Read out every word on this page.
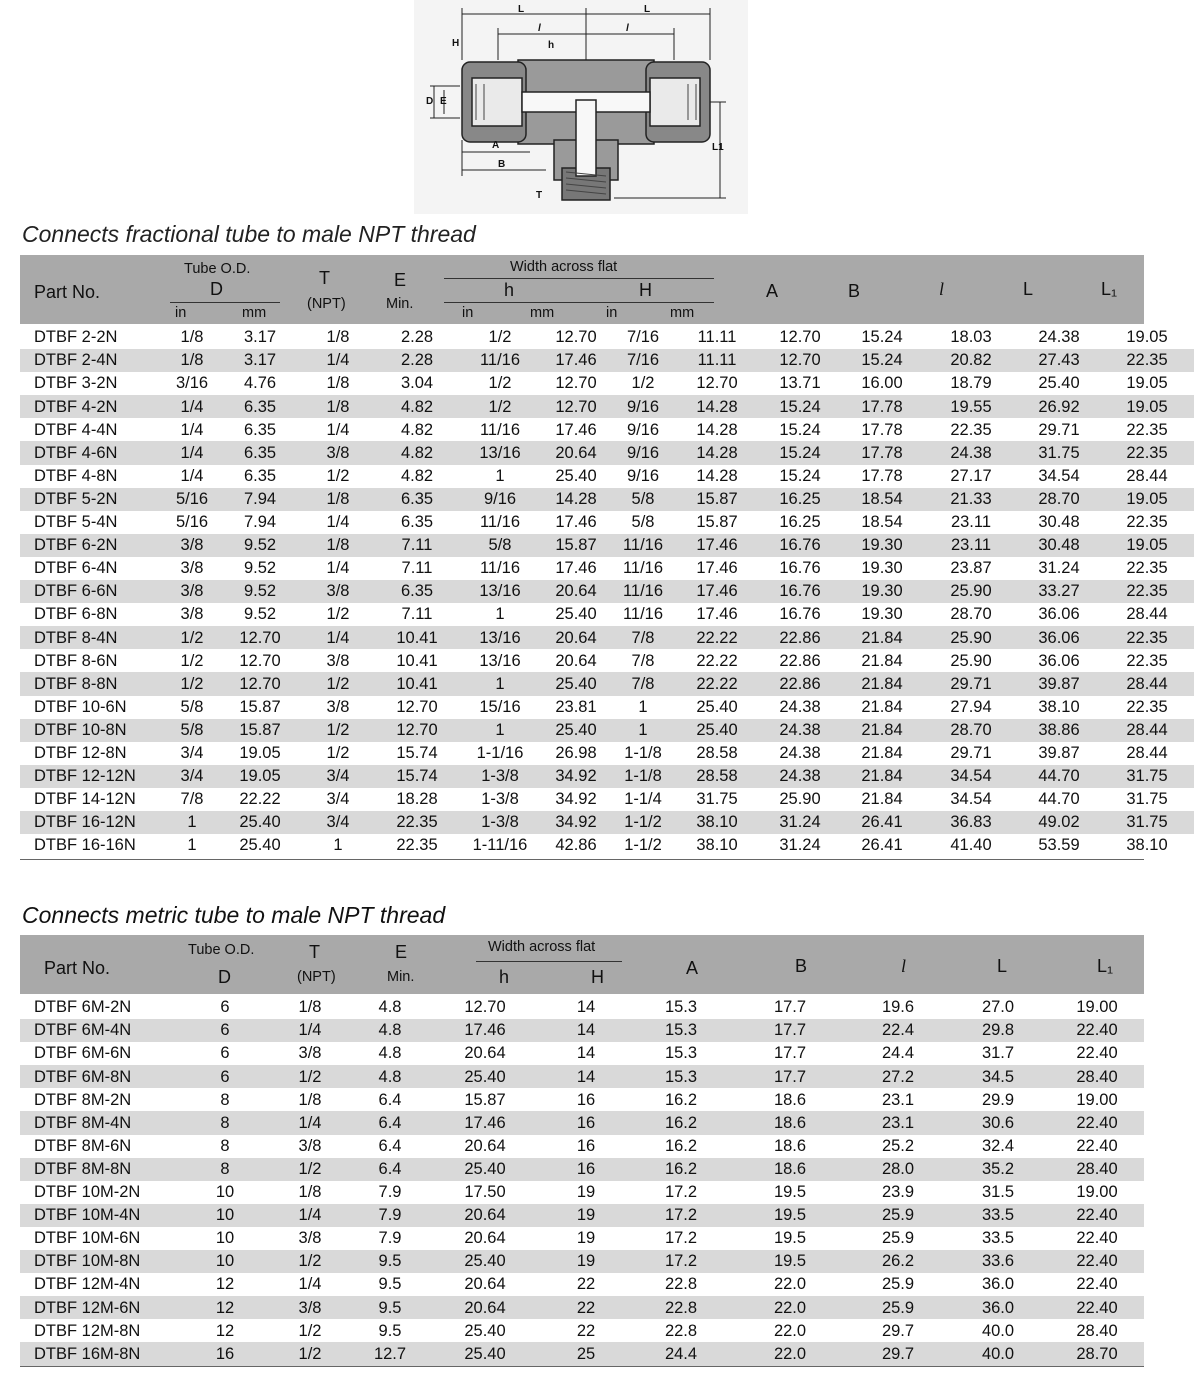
L	L
l	l
h
H
D E
A
B
T
L1
Connects fractional tube to male NPT thread
Part No.
Tube O.D.
D
in	mm
T
(NPT)
E
Min.
Width across flat
h	H
in	mm	in	mm
A	B	l	L	L₁
DTBF 2-2N	1/8	3.17	1/8	2.28	1/2	12.70	7/16	11.11	12.70	15.24	18.03	24.38	19.05
DTBF 2-4N	1/8	3.17	1/4	2.28	11/16	17.46	7/16	11.11	12.70	15.24	20.82	27.43	22.35
DTBF 3-2N	3/16	4.76	1/8	3.04	1/2	12.70	1/2	12.70	13.71	16.00	18.79	25.40	19.05
DTBF 4-2N	1/4	6.35	1/8	4.82	1/2	12.70	9/16	14.28	15.24	17.78	19.55	26.92	19.05
DTBF 4-4N	1/4	6.35	1/4	4.82	11/16	17.46	9/16	14.28	15.24	17.78	22.35	29.71	22.35
DTBF 4-6N	1/4	6.35	3/8	4.82	13/16	20.64	9/16	14.28	15.24	17.78	24.38	31.75	22.35
DTBF 4-8N	1/4	6.35	1/2	4.82	1	25.40	9/16	14.28	15.24	17.78	27.17	34.54	28.44
DTBF 5-2N	5/16	7.94	1/8	6.35	9/16	14.28	5/8	15.87	16.25	18.54	21.33	28.70	19.05
DTBF 5-4N	5/16	7.94	1/4	6.35	11/16	17.46	5/8	15.87	16.25	18.54	23.11	30.48	22.35
DTBF 6-2N	3/8	9.52	1/8	7.11	5/8	15.87	11/16	17.46	16.76	19.30	23.11	30.48	19.05
DTBF 6-4N	3/8	9.52	1/4	7.11	11/16	17.46	11/16	17.46	16.76	19.30	23.87	31.24	22.35
DTBF 6-6N	3/8	9.52	3/8	6.35	13/16	20.64	11/16	17.46	16.76	19.30	25.90	33.27	22.35
DTBF 6-8N	3/8	9.52	1/2	7.11	1	25.40	11/16	17.46	16.76	19.30	28.70	36.06	28.44
DTBF 8-4N	1/2	12.70	1/4	10.41	13/16	20.64	7/8	22.22	22.86	21.84	25.90	36.06	22.35
DTBF 8-6N	1/2	12.70	3/8	10.41	13/16	20.64	7/8	22.22	22.86	21.84	25.90	36.06	22.35
DTBF 8-8N	1/2	12.70	1/2	10.41	1	25.40	7/8	22.22	22.86	21.84	29.71	39.87	28.44
DTBF 10-6N	5/8	15.87	3/8	12.70	15/16	23.81	1	25.40	24.38	21.84	27.94	38.10	22.35
DTBF 10-8N	5/8	15.87	1/2	12.70	1	25.40	1	25.40	24.38	21.84	28.70	38.86	28.44
DTBF 12-8N	3/4	19.05	1/2	15.74	1-1/16	26.98	1-1/8	28.58	24.38	21.84	29.71	39.87	28.44
DTBF 12-12N	3/4	19.05	3/4	15.74	1-3/8	34.92	1-1/8	28.58	24.38	21.84	34.54	44.70	31.75
DTBF 14-12N	7/8	22.22	3/4	18.28	1-3/8	34.92	1-1/4	31.75	25.90	21.84	34.54	44.70	31.75
DTBF 16-12N	1	25.40	3/4	22.35	1-3/8	34.92	1-1/2	38.10	31.24	26.41	36.83	49.02	31.75
DTBF 16-16N	1	25.40	1	22.35	1-11/16	42.86	1-1/2	38.10	31.24	26.41	41.40	53.59	38.10
Connects metric tube to male NPT thread
Part No.
Tube O.D.
D
T
(NPT)
E
Min.
Width across flat
h	H	A	B	l	L	L₁
DTBF 6M-2N	6	1/8	4.8	12.70	14	15.3	17.7	19.6	27.0	19.00
DTBF 6M-4N	6	1/4	4.8	17.46	14	15.3	17.7	22.4	29.8	22.40
DTBF 6M-6N	6	3/8	4.8	20.64	14	15.3	17.7	24.4	31.7	22.40
DTBF 6M-8N	6	1/2	4.8	25.40	14	15.3	17.7	27.2	34.5	28.40
DTBF 8M-2N	8	1/8	6.4	15.87	16	16.2	18.6	23.1	29.9	19.00
DTBF 8M-4N	8	1/4	6.4	17.46	16	16.2	18.6	23.1	30.6	22.40
DTBF 8M-6N	8	3/8	6.4	20.64	16	16.2	18.6	25.2	32.4	22.40
DTBF 8M-8N	8	1/2	6.4	25.40	16	16.2	18.6	28.0	35.2	28.40
DTBF 10M-2N	10	1/8	7.9	17.50	19	17.2	19.5	23.9	31.5	19.00
DTBF 10M-4N	10	1/4	7.9	20.64	19	17.2	19.5	25.9	33.5	22.40
DTBF 10M-6N	10	3/8	7.9	20.64	19	17.2	19.5	25.9	33.5	22.40
DTBF 10M-8N	10	1/2	9.5	25.40	19	17.2	19.5	26.2	33.6	22.40
DTBF 12M-4N	12	1/4	9.5	20.64	22	22.8	22.0	25.9	36.0	22.40
DTBF 12M-6N	12	3/8	9.5	20.64	22	22.8	22.0	25.9	36.0	22.40
DTBF 12M-8N	12	1/2	9.5	25.40	22	22.8	22.0	29.7	40.0	28.40
DTBF 16M-8N	16	1/2	12.7	25.40	25	24.4	22.0	29.7	40.0	28.70
